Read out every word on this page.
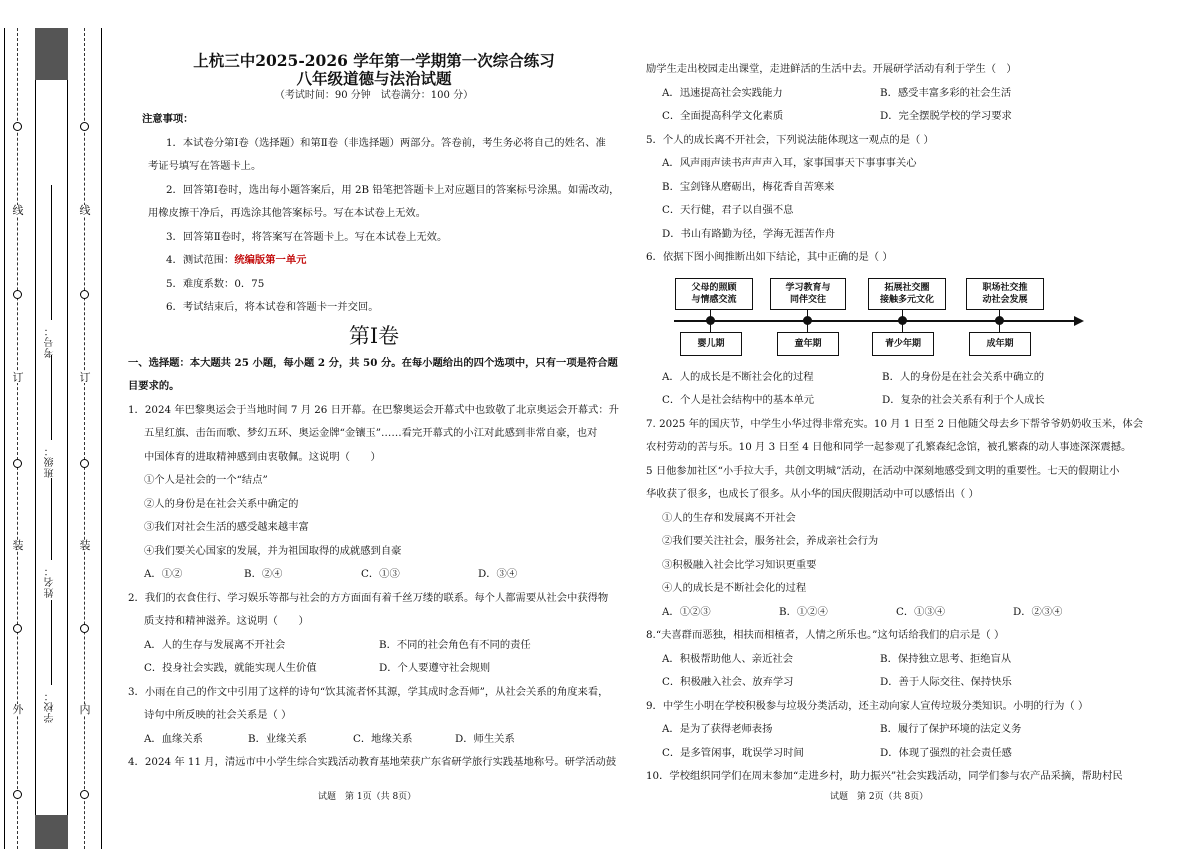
外
装
订
线
内
装
订
线
学校：
姓名：
班级：
考号：

上杭三中2025-2026 学年第一学期第一次综合练习

八年级道德与法治试题

（考试时间：90 分钟　试卷满分：100 分）

注意事项：

1．本试卷分第Ⅰ卷（选择题）和第Ⅱ卷（非选择题）两部分。答卷前，考生务必将自己的姓名、准

考证号填写在答题卡上。

2．回答第Ⅰ卷时，选出每小题答案后，用 2B 铅笔把答题卡上对应题目的答案标号涂黑。如需改动，

用橡皮擦干净后，再选涂其他答案标号。写在本试卷上无效。

3．回答第Ⅱ卷时，将答案写在答题卡上。写在本试卷上无效。

4．测试范围：统编版第一单元

5．难度系数：0．75

6．考试结束后，将本试卷和答题卡一并交回。

第Ⅰ卷

一、选择题：本大题共 25 小题，每小题 2 分，共 50 分。在每小题给出的四个选项中，只有一项是符合题

目要求的。

1．2024 年巴黎奥运会于当地时间 7 月 26 日开幕。在巴黎奥运会开幕式中也致敬了北京奥运会开幕式：升

五星红旗、击缶而歌、梦幻五环、奥运金牌“金镶玉”……看完开幕式的小江对此感到非常自豪，也对

中国体育的进取精神感到由衷敬佩。这说明（　　）

①个人是社会的一个“结点”

②人的身份是在社会关系中确定的

③我们对社会生活的感受越来越丰富

④我们要关心国家的发展，并为祖国取得的成就感到自豪

A．①②	B．②④	C．①③	D．③④

2．我们的衣食住行、学习娱乐等都与社会的方方面面有着千丝万缕的联系。每个人都需要从社会中获得物

质支持和精神滋养。这说明（　　）

A．人的生存与发展离不开社会	B．不同的社会角色有不同的责任
C．投身社会实践，就能实现人生价值	D．个人要遵守社会规则

3．小雨在自己的作文中引用了这样的诗句“饮其流者怀其源，学其成时念吾师”，从社会关系的角度来看，

诗句中所反映的社会关系是（ ）

A．血缘关系	B．业缘关系	C．地缘关系	D．师生关系

4．2024 年 11 月，清远市中小学生综合实践活动教育基地荣获广东省研学旅行实践基地称号。研学活动鼓

励学生走出校园走出课堂，走进鲜活的生活中去。开展研学活动有利于学生（　）

A．迅速提高社会实践能力	B．感受丰富多彩的社会生活
C．全面提高科学文化素质	D．完全摆脱学校的学习要求

5．个人的成长离不开社会，下列说法能体现这一观点的是（ ）

A．风声雨声读书声声声入耳，家事国事天下事事事关心

B．宝剑锋从磨砺出，梅花香自苦寒来

C．天行健，君子以自强不息

D．书山有路勤为径，学海无涯苦作舟

6．依据下图小闽推断出如下结论，其中正确的是（ ）

A．人的成长是不断社会化的过程	B．人的身份是在社会关系中确立的
C．个人是社会结构中的基本单元	D．复杂的社会关系有利于个人成长

7. 2025 年的国庆节，中学生小华过得非常充实。10 月 1 日至 2 日他随父母去乡下帮爷爷奶奶收玉米，体会

农村劳动的苦与乐。10 月 3 日至 4 日他和同学一起参观了孔繁森纪念馆，被孔繁森的动人事迹深深震撼。

5 日他参加社区“小手拉大手，共创文明城”活动，在活动中深刻地感受到文明的重要性。七天的假期让小

华收获了很多，也成长了很多。从小华的国庆假期活动中可以感悟出（ ）

①人的生存和发展离不开社会

②我们要关注社会，服务社会，养成亲社会行为

③积极融入社会比学习知识更重要

④人的成长是不断社会化的过程

A．①②③	B．①②④	C．①③④	D．②③④

8.“夫喜群而恶独，相扶而相植者，人情之所乐也。”这句话给我们的启示是（ ）

A．积极帮助他人、亲近社会	B．保持独立思考、拒绝盲从
C．积极融入社会、放弃学习	D．善于人际交往、保持快乐

9．中学生小明在学校积极参与垃圾分类活动，还主动向家人宣传垃圾分类知识。小明的行为（ ）

A．是为了获得老师表扬	B．履行了保护环境的法定义务
C．是多管闲事，耽误学习时间	D．体现了强烈的社会责任感

10．学校组织同学们在周末参加“走进乡村，助力振兴”社会实践活动，同学们参与农产品采摘，帮助村民

父母的照顾
与情感交流
学习教育与
同伴交往
拓展社交圈
接触多元文化
职场社交推
动社会发展
婴儿期	童年期	青少年期	成年期
试题　第 1页（共 8页）	试题　第 2页（共 8页）
